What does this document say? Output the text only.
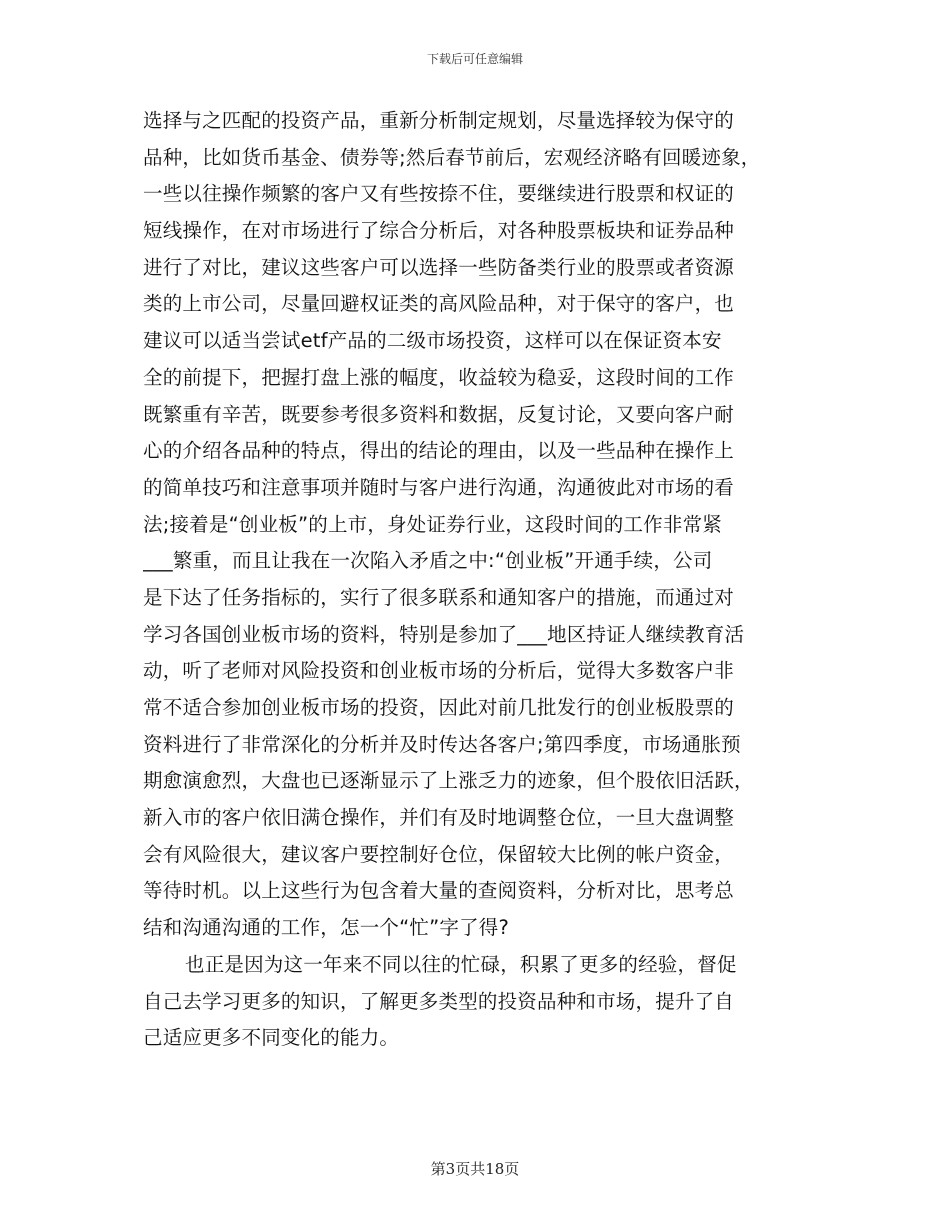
下载后可任意编辑
选择与之匹配的投资产品，重新分析制定规划，尽量选择较为保守的
品种，比如货币基金、债券等;然后春节前后，宏观经济略有回暖迹象，
一些以往操作频繁的客户又有些按捺不住，要继续进行股票和权证的
短线操作，在对市场进行了综合分析后，对各种股票板块和证券品种
进行了对比，建议这些客户可以选择一些防备类行业的股票或者资源
类的上市公司，尽量回避权证类的高风险品种，对于保守的客户，也
建议可以适当尝试etf产品的二级市场投资，这样可以在保证资本安
全的前提下，把握打盘上涨的幅度，收益较为稳妥，这段时间的工作
既繁重有辛苦，既要参考很多资料和数据，反复讨论，又要向客户耐
心的介绍各品种的特点，得出的结论的理由，以及一些品种在操作上
的简单技巧和注意事项并随时与客户进行沟通，沟通彼此对市场的看
法;接着是“创业板”的上市，身处证券行业，这段时间的工作非常紧
___繁重，而且让我在一次陷入矛盾之中:“创业板”开通手续，公司
是下达了任务指标的，实行了很多联系和通知客户的措施，而通过对
学习各国创业板市场的资料，特别是参加了___地区持证人继续教育活
动，听了老师对风险投资和创业板市场的分析后，觉得大多数客户非
常不适合参加创业板市场的投资，因此对前几批发行的创业板股票的
资料进行了非常深化的分析并及时传达各客户;第四季度，市场通胀预
期愈演愈烈，大盘也已逐渐显示了上涨乏力的迹象，但个股依旧活跃，
新入市的客户依旧满仓操作，并们有及时地调整仓位，一旦大盘调整
会有风险很大，建议客户要控制好仓位，保留较大比例的帐户资金，
等待时机。以上这些行为包含着大量的查阅资料，分析对比，思考总
结和沟通沟通的工作，怎一个“忙”字了得?
也正是因为这一年来不同以往的忙碌，积累了更多的经验，督促
自己去学习更多的知识，了解更多类型的投资品种和市场，提升了自
己适应更多不同变化的能力。
第3页共18页
